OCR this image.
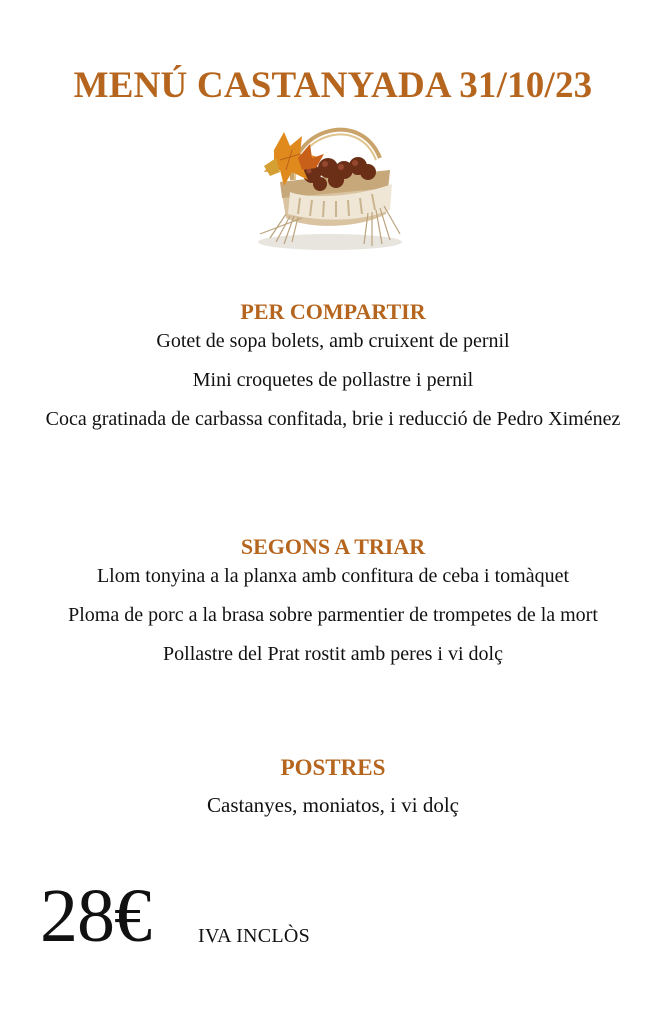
MENÚ CASTANYADA 31/10/23
PER COMPARTIR
Gotet de sopa bolets, amb cruixent de pernil
Mini croquetes de pollastre i pernil
Coca gratinada de carbassa confitada, brie i reducció de Pedro Ximénez
SEGONS A TRIAR
Llom tonyina a la planxa amb confitura de ceba i tomàquet
Ploma de porc a la brasa sobre parmentier de trompetes de la mort
Pollastre del Prat rostit amb peres i vi dolç
POSTRES
Castanyes, moniatos, i vi dolç
28€ IVA INCLÒS
